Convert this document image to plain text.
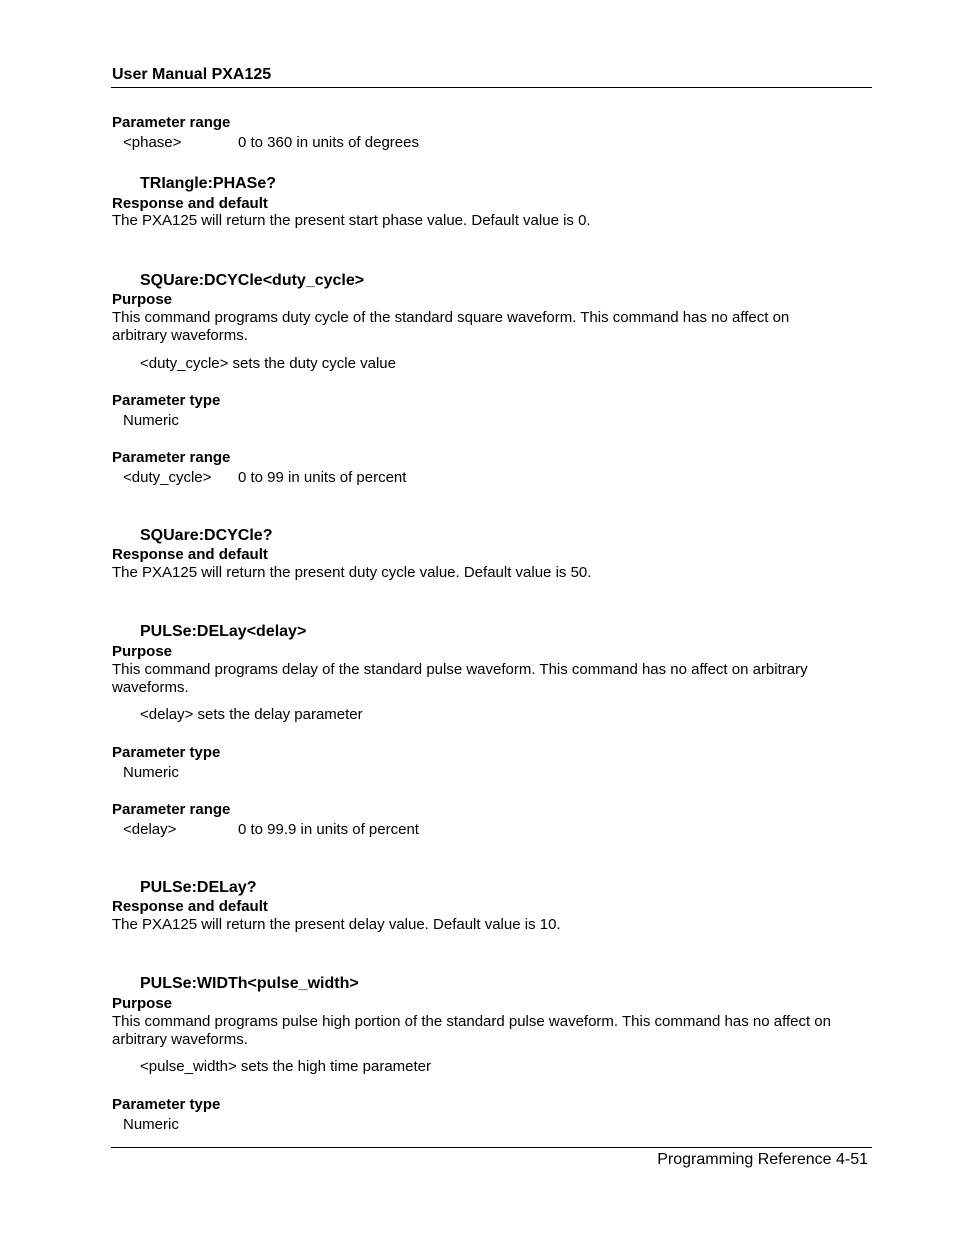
User Manual PXA125
Parameter range
<phase>	0 to 360 in units of degrees
TRIangle:PHASe?
Response and default
The PXA125 will return the present start phase value. Default value is 0.
SQUare:DCYCle<duty_cycle>
Purpose
This command programs duty cycle of the standard square waveform. This command has no affect on
arbitrary waveforms.
<duty_cycle> sets the duty cycle value
Parameter type
Numeric
Parameter range
<duty_cycle> 0 to 99 in units of percent
SQUare:DCYCle?
Response and default
The PXA125 will return the present duty cycle value. Default value is 50.
PULSe:DELay<delay>
Purpose
This command programs delay of the standard pulse waveform. This command has no affect on arbitrary
waveforms.
<delay> sets the delay parameter
Parameter type
Numeric
Parameter range
<delay>	0 to 99.9 in units of percent
PULSe:DELay?
Response and default
The PXA125 will return the present delay value. Default value is 10.
PULSe:WIDTh<pulse_width>
Purpose
This command programs pulse high portion of the standard pulse waveform. This command has no affect on
arbitrary waveforms.
<pulse_width> sets the high time parameter
Parameter type
Numeric
Programming Reference 4-51
